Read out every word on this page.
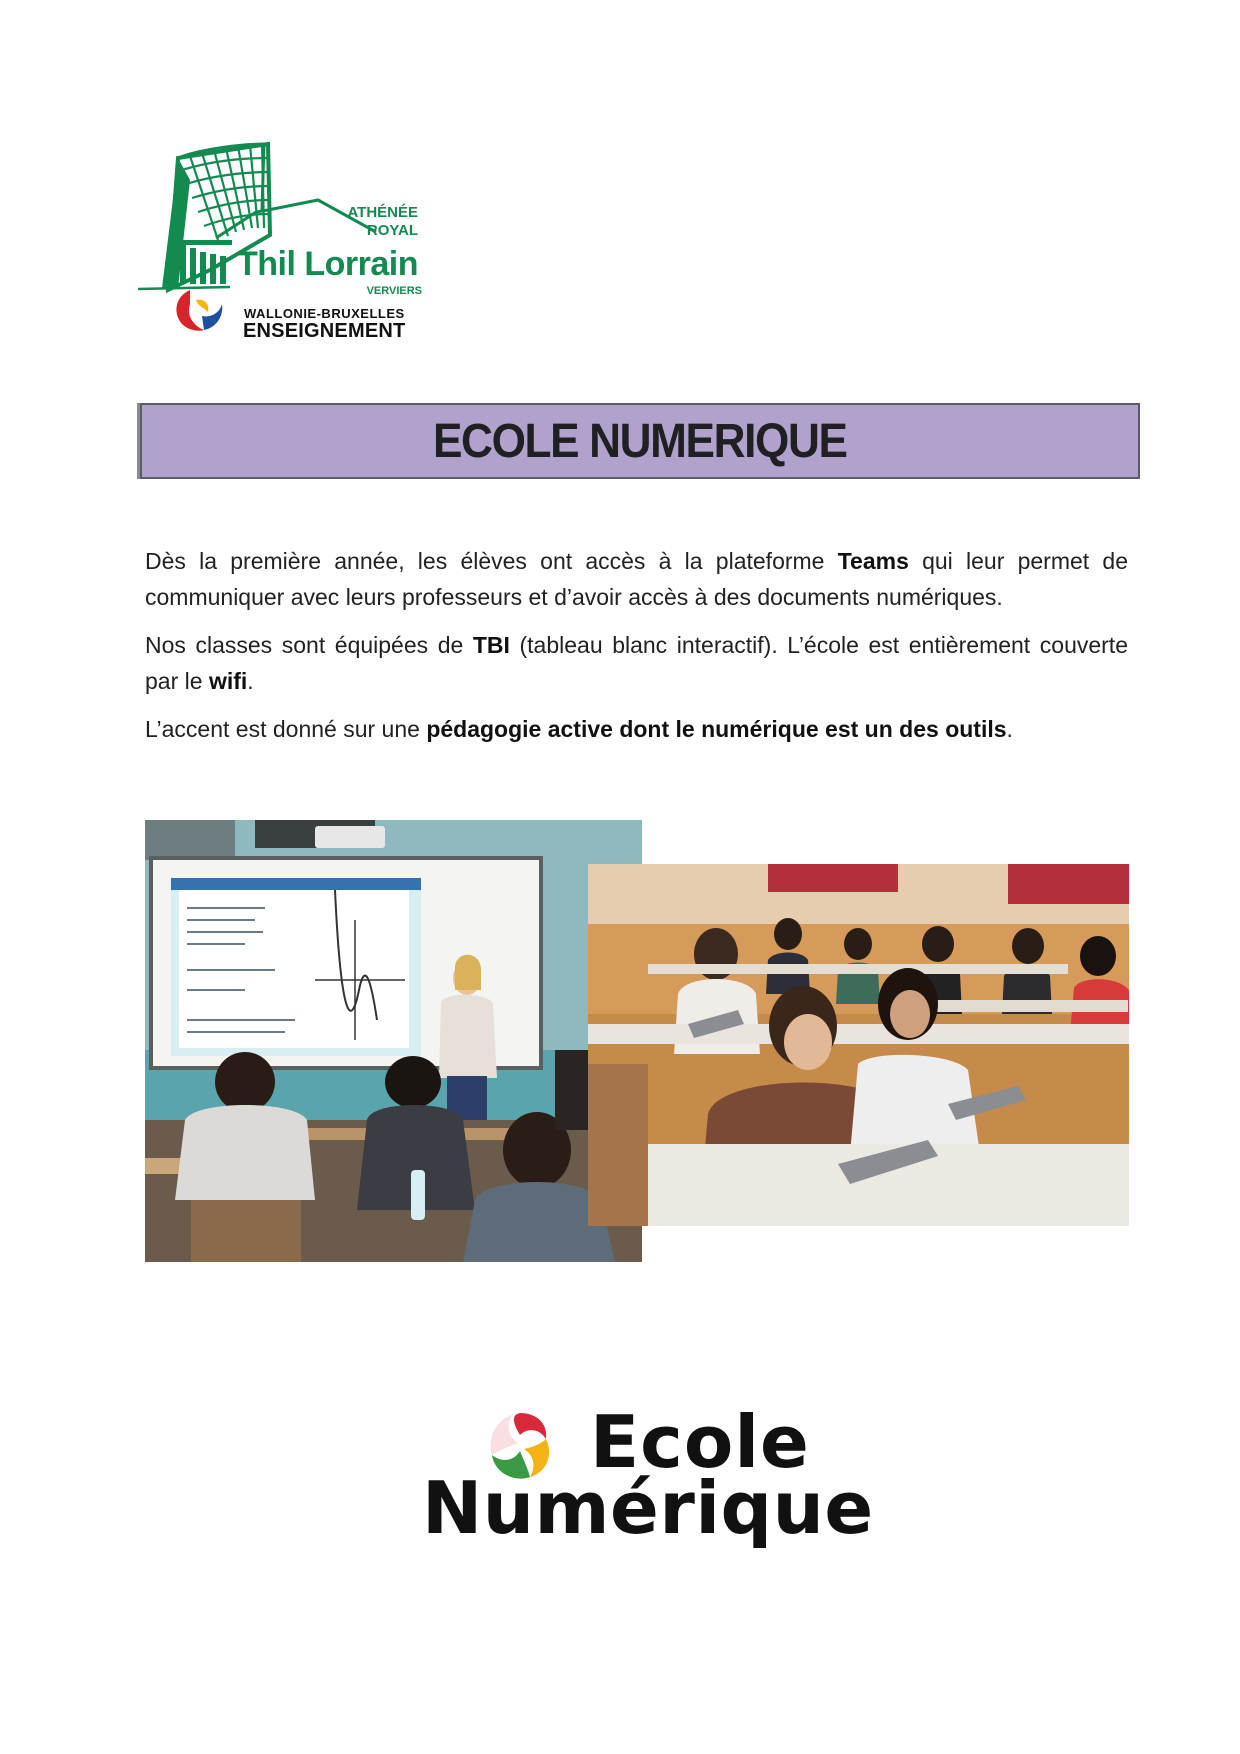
ATHÉNÉE
ROYAL
Thil Lorrain
VERVIERS
WALLONIE-BRUXELLES
ENSEIGNEMENT
ECOLE NUMERIQUE

Dès la première année, les élèves ont accès à la plateforme Teams qui leur permet de communiquer avec leurs professeurs et d’avoir accès à des documents numériques.

Nos classes sont équipées de TBI (tableau blanc interactif). L’école est entièrement couverte par le wifi.

L’accent est donné sur une pédagogie active dont le numérique est un des outils.

Ecole
Numérique
